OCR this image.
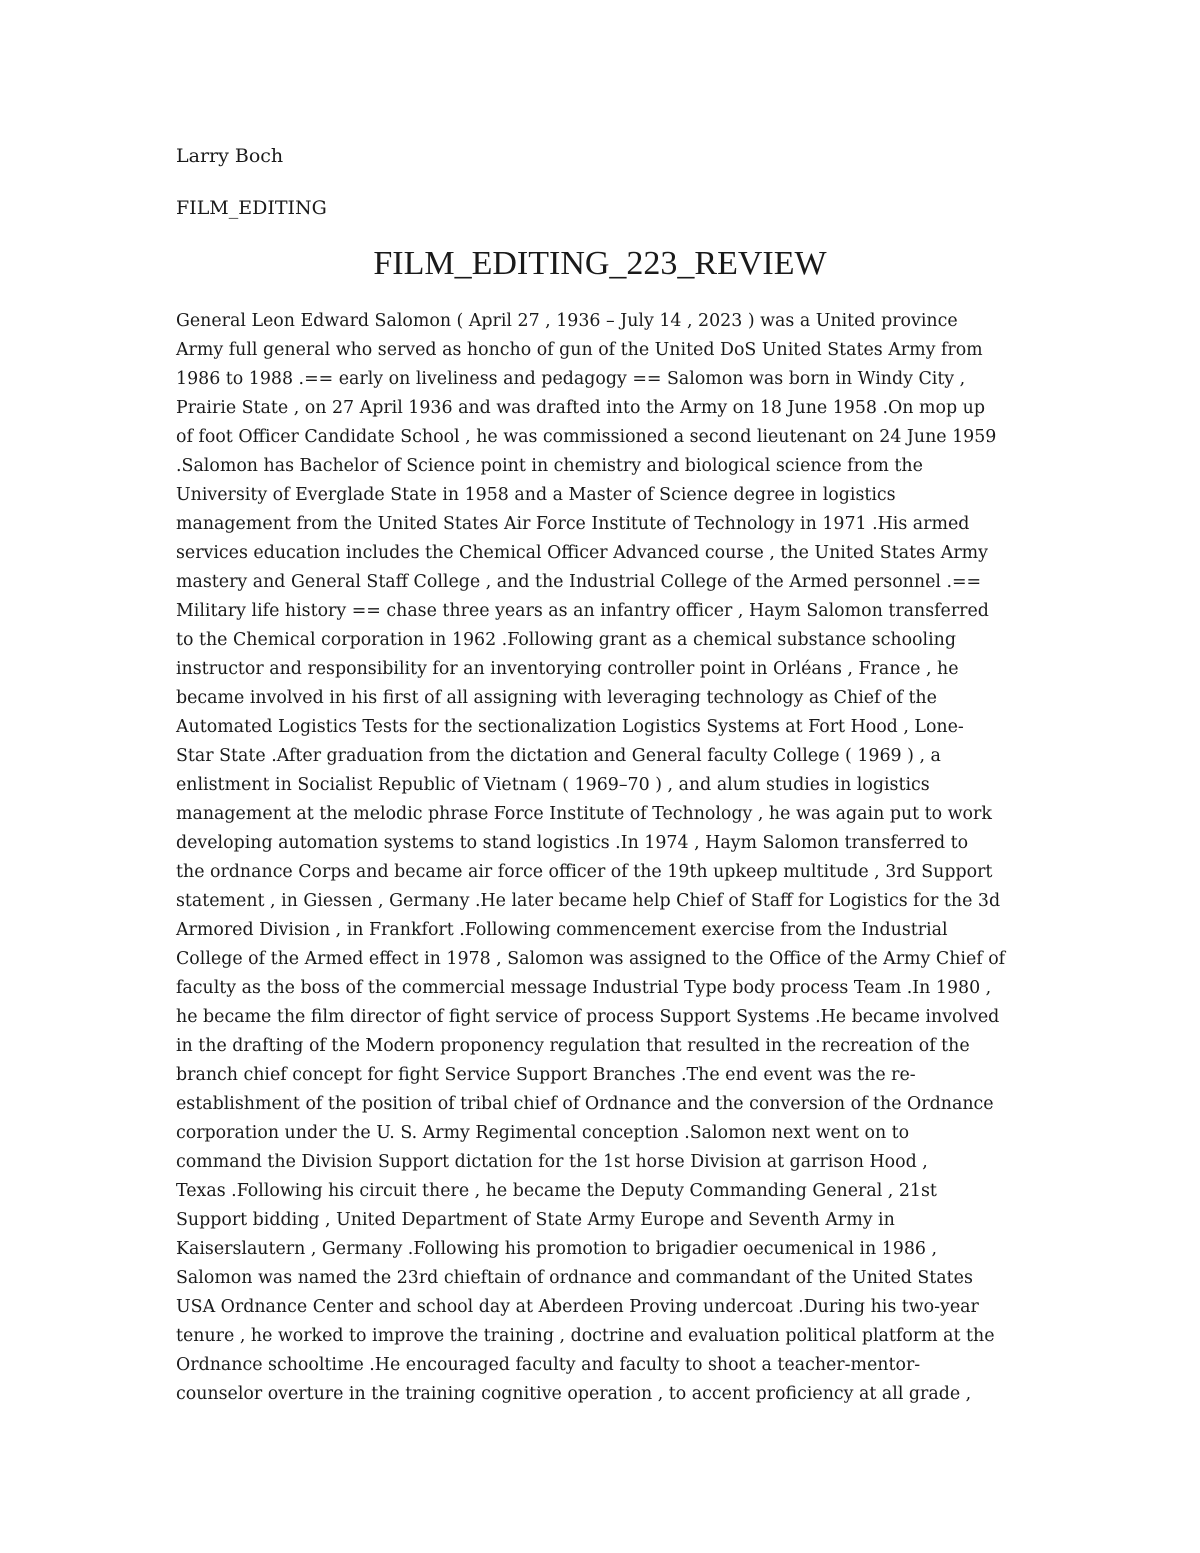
Larry Boch

FILM_EDITING

FILM_EDITING_223_REVIEW
General Leon Edward Salomon ( April 27 , 1936 – July 14 , 2023 ) was a United province
Army full general who served as honcho of gun of the United DoS United States Army from
1986 to 1988 .== early on liveliness and pedagogy == Salomon was born in Windy City ,
Prairie State , on 27 April 1936 and was drafted into the Army on 18 June 1958 .On mop up
of foot Officer Candidate School , he was commissioned a second lieutenant on 24 June 1959
.Salomon has Bachelor of Science point in chemistry and biological science from the
University of Everglade State in 1958 and a Master of Science degree in logistics
management from the United States Air Force Institute of Technology in 1971 .His armed
services education includes the Chemical Officer Advanced course , the United States Army
mastery and General Staff College , and the Industrial College of the Armed personnel .==
Military life history == chase three years as an infantry officer , Haym Salomon transferred
to the Chemical corporation in 1962 .Following grant as a chemical substance schooling
instructor and responsibility for an inventorying controller point in Orléans , France , he
became involved in his first of all assigning with leveraging technology as Chief of the
Automated Logistics Tests for the sectionalization Logistics Systems at Fort Hood , Lone-
Star State .After graduation from the dictation and General faculty College ( 1969 ) , a
enlistment in Socialist Republic of Vietnam ( 1969–70 ) , and alum studies in logistics
management at the melodic phrase Force Institute of Technology , he was again put to work
developing automation systems to stand logistics .In 1974 , Haym Salomon transferred to
the ordnance Corps and became air force officer of the 19th upkeep multitude , 3rd Support
statement , in Giessen , Germany .He later became help Chief of Staff for Logistics for the 3d
Armored Division , in Frankfort .Following commencement exercise from the Industrial
College of the Armed effect in 1978 , Salomon was assigned to the Office of the Army Chief of
faculty as the boss of the commercial message Industrial Type body process Team .In 1980 ,
he became the film director of fight service of process Support Systems .He became involved
in the drafting of the Modern proponency regulation that resulted in the recreation of the
branch chief concept for fight Service Support Branches .The end event was the re-
establishment of the position of tribal chief of Ordnance and the conversion of the Ordnance
corporation under the U. S. Army Regimental conception .Salomon next went on to
command the Division Support dictation for the 1st horse Division at garrison Hood ,
Texas .Following his circuit there , he became the Deputy Commanding General , 21st
Support bidding , United Department of State Army Europe and Seventh Army in
Kaiserslautern , Germany .Following his promotion to brigadier oecumenical in 1986 ,
Salomon was named the 23rd chieftain of ordnance and commandant of the United States
USA Ordnance Center and school day at Aberdeen Proving undercoat .During his two-year
tenure , he worked to improve the training , doctrine and evaluation political platform at the
Ordnance schooltime .He encouraged faculty and faculty to shoot a teacher-mentor-
counselor overture in the training cognitive operation , to accent proficiency at all grade ,
